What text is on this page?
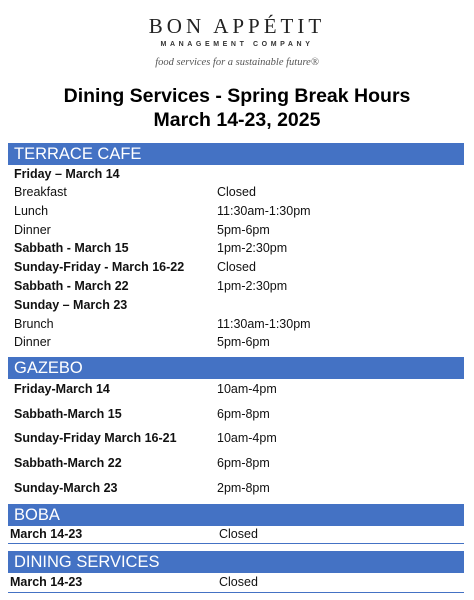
BON APPÉTIT
MANAGEMENT COMPANY
food services for a sustainable future®
Dining Services - Spring Break Hours
March 14-23, 2025
TERRACE CAFE
Friday – March 14
Breakfast	Closed
Lunch	11:30am-1:30pm
Dinner	5pm-6pm
Sabbath - March 15	1pm-2:30pm
Sunday-Friday - March 16-22	Closed
Sabbath - March 22	1pm-2:30pm
Sunday – March 23
Brunch	11:30am-1:30pm
Dinner	5pm-6pm
GAZEBO
Friday-March 14	10am-4pm
Sabbath-March 15	6pm-8pm
Sunday-Friday March 16-21	10am-4pm
Sabbath-March 22	6pm-8pm
Sunday-March 23	2pm-8pm
BOBA
March 14-23	Closed
DINING SERVICES
March 14-23	Closed
